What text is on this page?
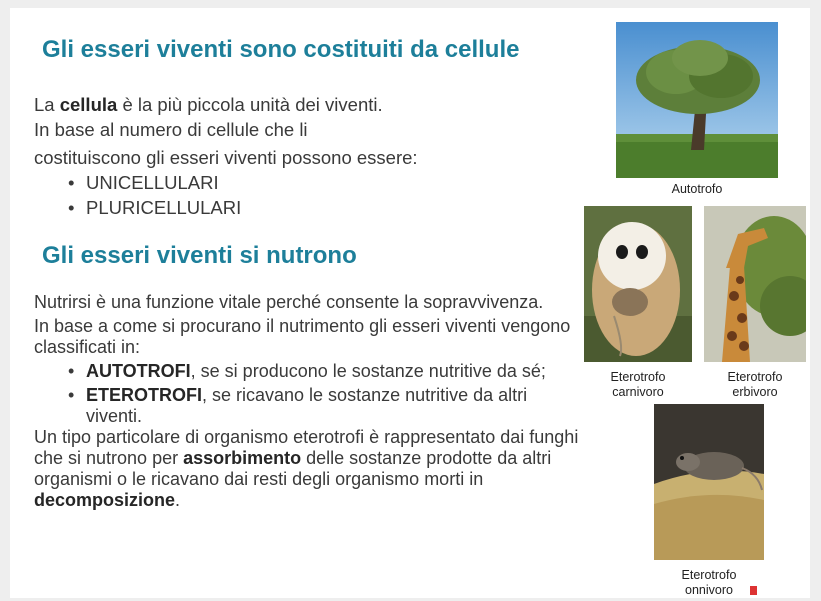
Gli esseri viventi sono costituiti da cellule
La cellula è la più piccola unità dei viventi.
In base al numero di cellule che li
costituiscono gli esseri viventi possono essere:
• UNICELLULARI
• PLURICELLULARI
Gli esseri viventi si nutrono

Nutrirsi è una funzione vitale perché consente la sopravvivenza.

In base a come si procurano il nutrimento gli esseri viventi vengono classificati in:

• AUTOTROFI, se si producono le sostanze nutritive da sé;
• ETEROTROFI, se ricavano le sostanze nutritive da altri viventi.

Un tipo particolare di organismo eterotrofi è rappresentato dai funghi che si nutrono per assorbimento delle sostanze prodotte da altri organismi o le ricavano dai resti degli organismo morti in decomposizione.

Autotrofo
Eterotrofo
carnivoro
Eterotrofo
erbivoro
Eterotrofo
onnivoro
